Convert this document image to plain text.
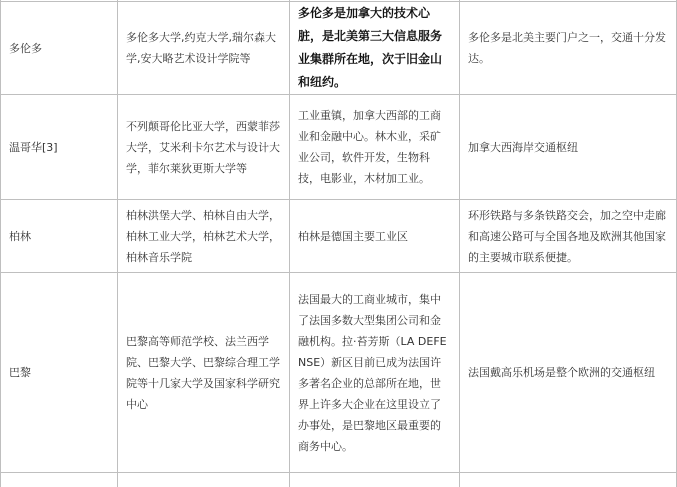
多伦多	多伦多大学,约克大学,瑞尔森大学,安大略艺术设计学院等	多伦多是加拿大的技术心脏，是北美第三大信息服务业集群所在地，次于旧金山和纽约。	多伦多是北美主要门户之一，交通十分发达。
温哥华[3]	不列颠哥伦比亚大学，西蒙菲莎大学，艾米利卡尔艺术与设计大学，菲尔莱狄更斯大学等	工业重镇，加拿大西部的工商业和金融中心。林木业，采矿业公司，软件开发，生物科技，电影业，木材加工业。	加拿大西海岸交通枢纽
柏林	柏林洪堡大学、柏林自由大学，柏林工业大学，柏林艺术大学，柏林音乐学院	柏林是德国主要工业区	环形铁路与多条铁路交会，加之空中走廊和高速公路可与全国各地及欧洲其他国家的主要城市联系便捷。
巴黎	巴黎高等师范学校、法兰西学院、巴黎大学、巴黎综合理工学院等十几家大学及国家科学研究中心	法国最大的工商业城市，集中了法国多数大型集团公司和金融机构。拉·苔芳斯（LA DEFENSE）新区目前已成为法国许多著名企业的总部所在地，世界上许多大企业在这里设立了办事处，是巴黎地区最重要的商务中心。	法国戴高乐机场是整个欧洲的交通枢纽
